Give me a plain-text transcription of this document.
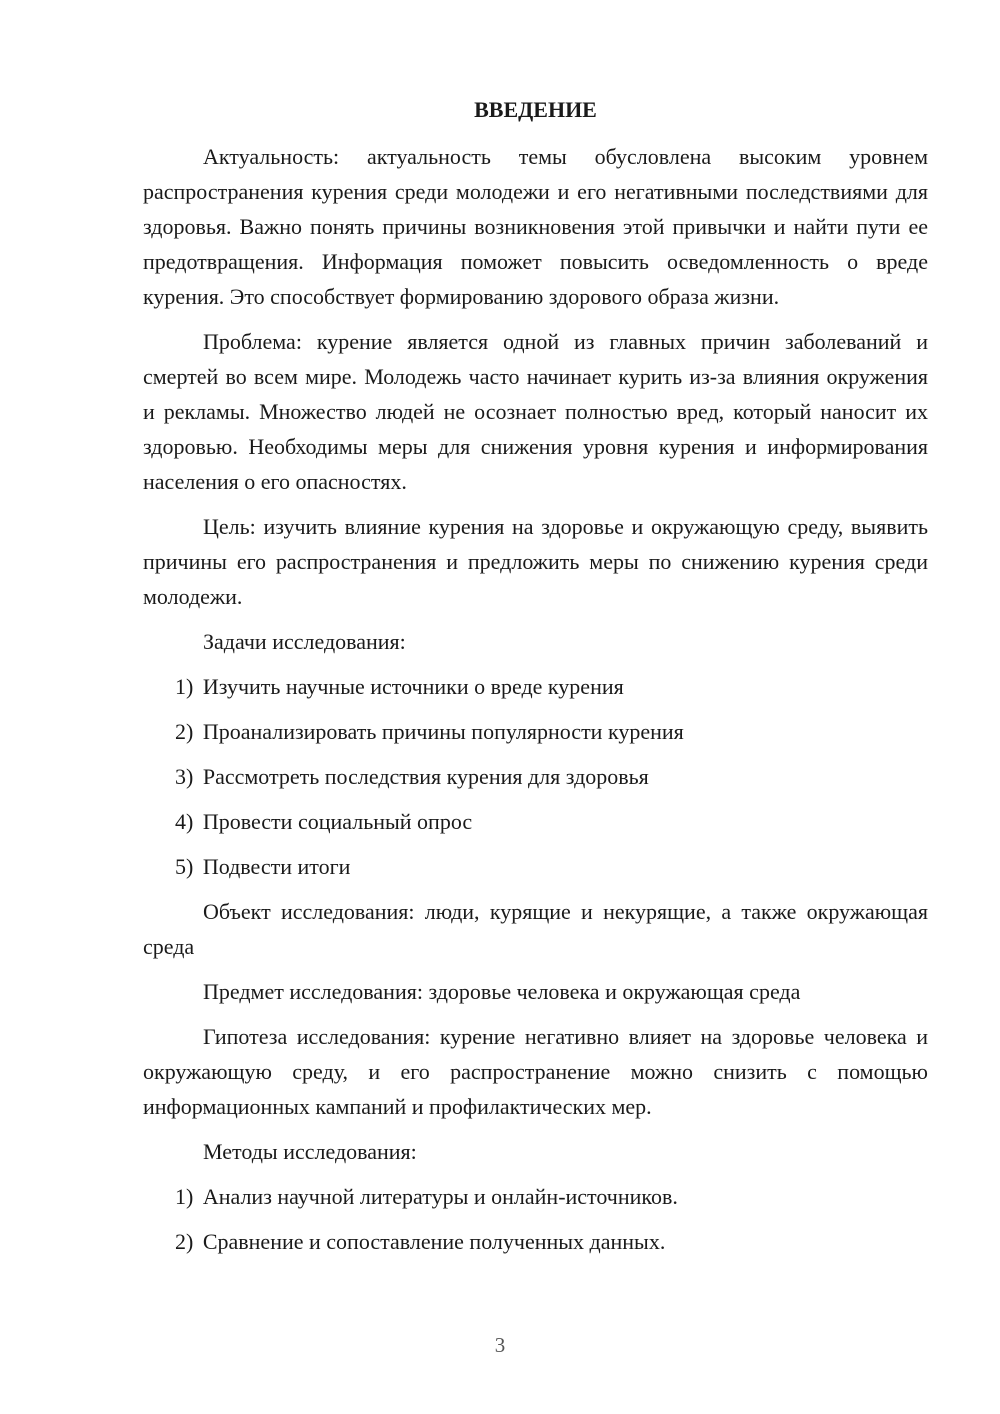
ВВЕДЕНИЕ

Актуальность: актуальность темы обусловлена высоким уровнем распространения курения среди молодежи и его негативными последствиями для здоровья. Важно понять причины возникновения этой привычки и найти пути ее предотвращения. Информация поможет повысить осведомленность о вреде курения. Это способствует формированию здорового образа жизни.

Проблема: курение является одной из главных причин заболеваний и смертей во всем мире. Молодежь часто начинает курить из-за влияния окружения и рекламы. Множество людей не осознает полностью вред, который наносит их здоровью. Необходимы меры для снижения уровня курения и информирования населения о его опасностях.

Цель: изучить влияние курения на здоровье и окружающую среду, выявить причины его распространения и предложить меры по снижению курения среди молодежи.

Задачи исследования:

1) Изучить научные источники о вреде курения
2) Проанализировать причины популярности курения
3) Рассмотреть последствия курения для здоровья
4) Провести социальный опрос
5) Подвести итоги

Объект исследования: люди, курящие и некурящие, а также окружающая среда

Предмет исследования: здоровье человека и окружающая среда

Гипотеза исследования: курение негативно влияет на здоровье человека и окружающую среду, и его распространение можно снизить с помощью информационных кампаний и профилактических мер.

Методы исследования:

1) Анализ научной литературы и онлайн-источников.
2) Сравнение и сопоставление полученных данных.
3
